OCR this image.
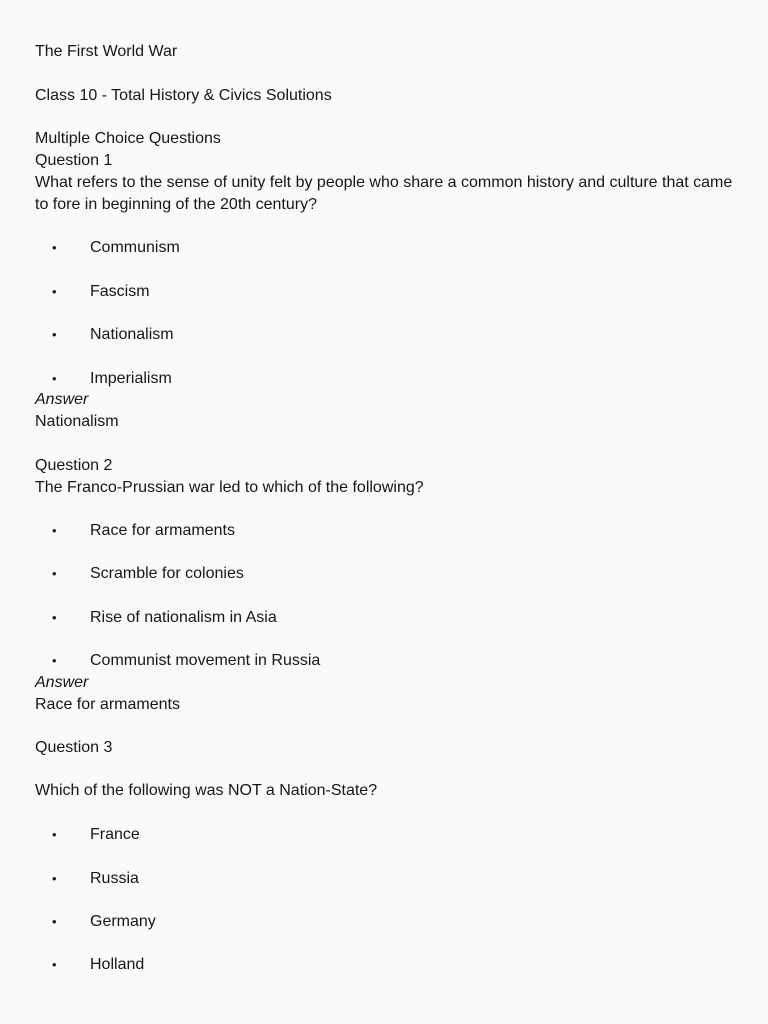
The First World War
Class 10 - Total History & Civics Solutions
Multiple Choice Questions
Question 1
What refers to the sense of unity felt by people who share a common history and culture that came to fore in beginning of the 20th century?
• Communism
• Fascism
• Nationalism
• Imperialism
Answer
Nationalism
Question 2
The Franco-Prussian war led to which of the following?
• Race for armaments
• Scramble for colonies
• Rise of nationalism in Asia
• Communist movement in Russia
Answer
Race for armaments
Question 3
Which of the following was NOT a Nation-State?
• France
• Russia
• Germany
• Holland
